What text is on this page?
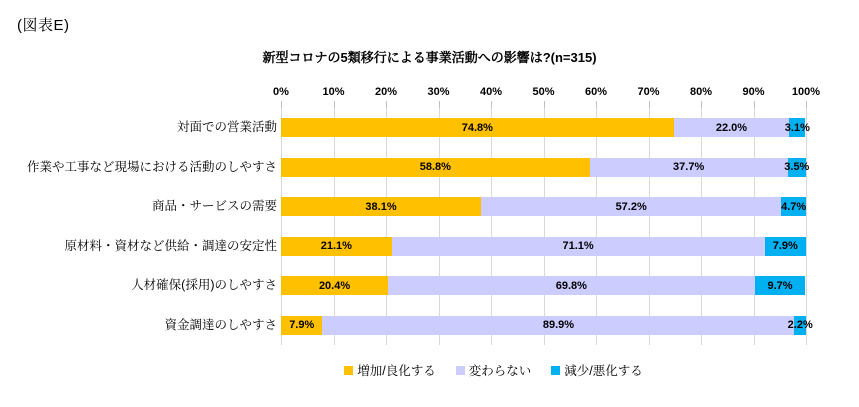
(図表E)
新型コロナの5類移行による事業活動への影響は?(n=315)
0%	10%	20%	30%	40%	50%	60%	70%	80%	90% 100%
対面での営業活動	74.8%	22.0%	3.1%
作業や工事など現場における活動のしやすさ	58.8%	37.7%	3.5%
商品・サービスの需要	38.1%	57.2%	4.7%
原材料・資材など供給・調達の安定性	21.1%	71.1%	7.9%
人材確保(採用)のしやすさ	20.4%	69.8%	9.7%
資金調達のしやすさ 7.9%	89.9%	2.2%
増加/良化する	変わらない	減少/悪化する
